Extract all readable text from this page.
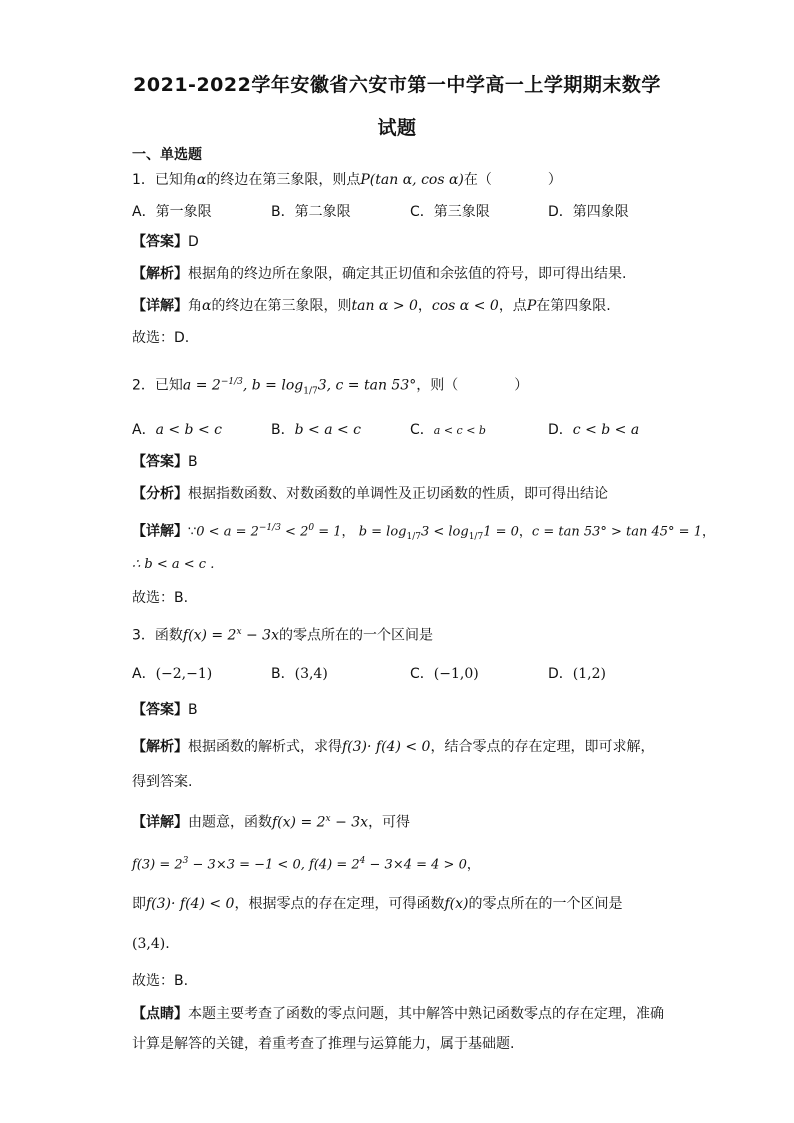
2021-2022学年安徽省六安市第一中学高一上学期期末数学
试题
一、单选题
1．已知角α的终边在第三象限，则点P(tan α, cos α)在（　　　　）
A．第一象限	B．第二象限	C．第三象限	D．第四象限
【答案】D
【解析】根据角的终边所在象限，确定其正切值和余弦值的符号，即可得出结果.
【详解】角α的终边在第三象限，则tan α > 0，cos α < 0，点P在第四象限.
故选：D.
2．已知$a = 2^{-1/3}$, $b = \log_{1/7}3$, c = tan 53°，则（　　　　）
A．a < b < c	B．b < a < c	C．a < c < b	D．c < b < a
【答案】B
【分析】根据指数函数、对数函数的单调性及正切函数的性质，即可得出结论
【详解】∵0 < $a = 2^{-1/3} < 2^0 = 1$， $b = \log_{1/7}3 < \log_{1/7}1 = 0$，c = tan 53° > tan 45° = 1，
∴ b < a < c .
故选：B.
3．函数$f(x) = 2^x - 3x$的零点所在的一个区间是
A．(−2,−1)	B．(3,4)	C．(−1,0)	D．(1,2)
【答案】B
【解析】根据函数的解析式，求得f(3)· f(4) < 0，结合零点的存在定理，即可求解，
得到答案.
【详解】由题意，函数$f(x) = 2^x - 3x$，可得
$f(3) = 2^3 - 3\times 3 = -1 < 0$, $f(4) = 2^4 - 3\times 4 = 4 > 0$，
即f(3)· f(4) < 0，根据零点的存在定理，可得函数f(x)的零点所在的一个区间是
(3,4).
故选：B.
【点睛】本题主要考查了函数的零点问题，其中解答中熟记函数零点的存在定理，准确
计算是解答的关键，着重考查了推理与运算能力，属于基础题.
